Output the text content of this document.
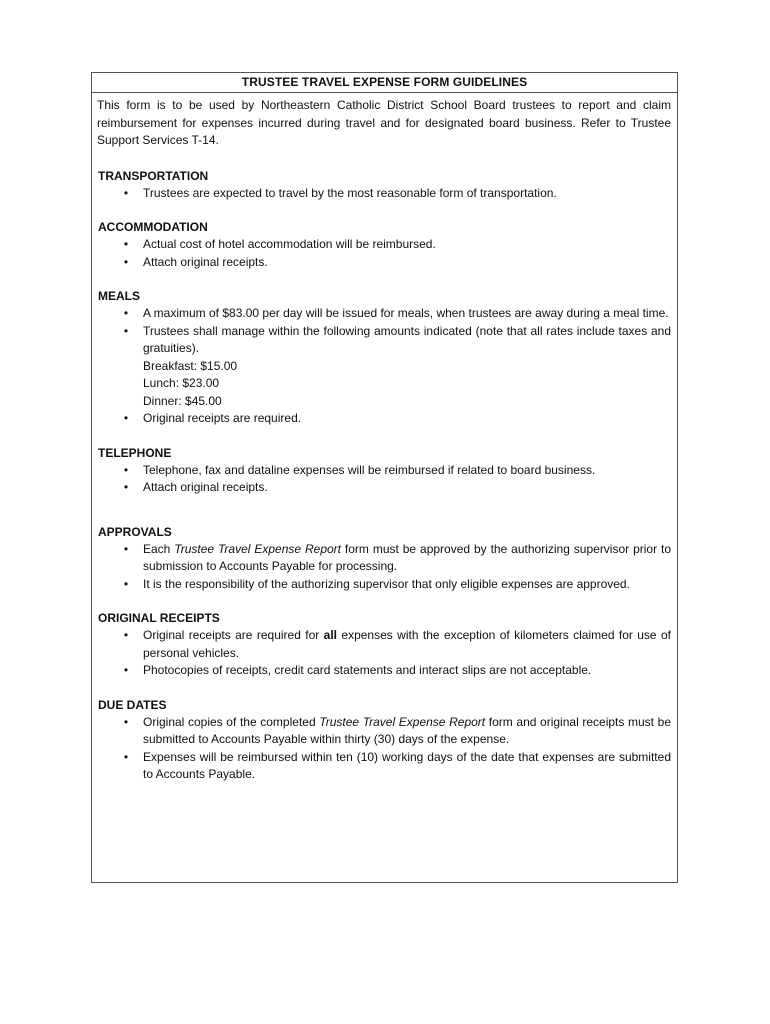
TRUSTEE TRAVEL EXPENSE FORM GUIDELINES

This form is to be used by Northeastern Catholic District School Board trustees to report and claim reimbursement for expenses incurred during travel and for designated board business. Refer to Trustee Support Services T-14.

TRANSPORTATION
• Trustees are expected to travel by the most reasonable form of transportation.
ACCOMMODATION
• Actual cost of hotel accommodation will be reimbursed.
• Attach original receipts.
MEALS
• A maximum of $83.00 per day will be issued for meals, when trustees are away during a meal time.
• Trustees shall manage within the following amounts indicated (note that all rates include taxes and gratuities).
Breakfast: $15.00
Lunch: $23.00
Dinner: $45.00
• Original receipts are required.
TELEPHONE
• Telephone, fax and dataline expenses will be reimbursed if related to board business.
• Attach original receipts.
APPROVALS
• Each Trustee Travel Expense Report form must be approved by the authorizing supervisor prior to submission to Accounts Payable for processing.
• It is the responsibility of the authorizing supervisor that only eligible expenses are approved.
ORIGINAL RECEIPTS
• Original receipts are required for all expenses with the exception of kilometers claimed for use of personal vehicles.
• Photocopies of receipts, credit card statements and interact slips are not acceptable.
DUE DATES
• Original copies of the completed Trustee Travel Expense Report form and original receipts must be submitted to Accounts Payable within thirty (30) days of the expense.
• Expenses will be reimbursed within ten (10) working days of the date that expenses are submitted to Accounts Payable.
